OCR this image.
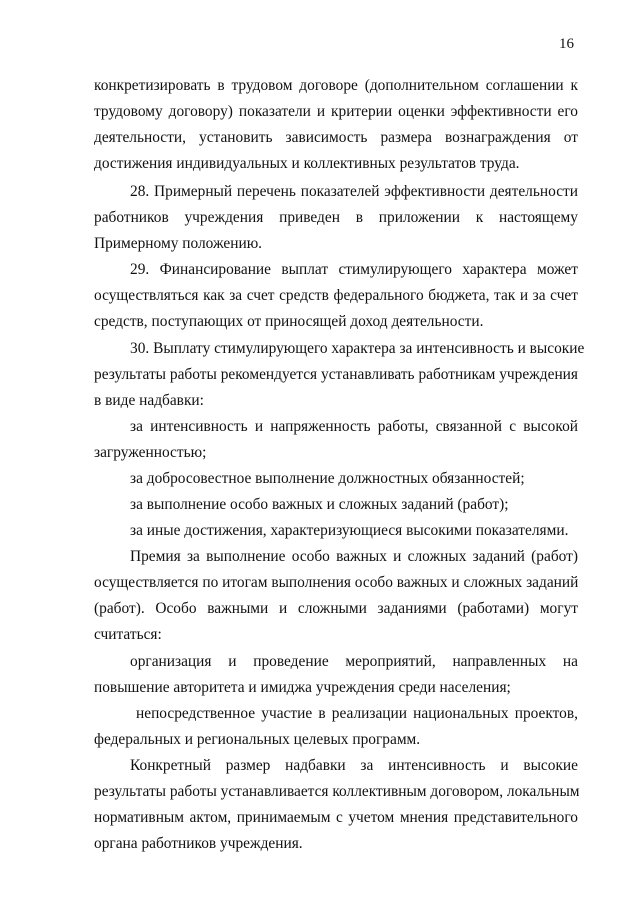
16

конкретизировать в трудовом договоре (дополнительном соглашении к

трудовому договору) показатели и критерии оценки эффективности его

деятельности, установить зависимость размера вознаграждения от

достижения индивидуальных и коллективных результатов труда.

28. Примерный перечень показателей эффективности деятельности

работников учреждения приведен в приложении к настоящему

Примерному положению.

29. Финансирование выплат стимулирующего характера может

осуществляться как за счет средств федерального бюджета, так и за счет

средств, поступающих от приносящей доход деятельности.

30. Выплату стимулирующего характера за интенсивность и высокие

результаты работы рекомендуется устанавливать работникам учреждения

в виде надбавки:

за интенсивность и напряженность работы, связанной с высокой

загруженностью;

за добросовестное выполнение должностных обязанностей;

за выполнение особо важных и сложных заданий (работ);

за иные достижения, характеризующиеся высокими показателями.

Премия за выполнение особо важных и сложных заданий (работ)

осуществляется по итогам выполнения особо важных и сложных заданий

(работ). Особо важными и сложными заданиями (работами) могут

считаться:

организация и проведение мероприятий, направленных на

повышение авторитета и имиджа учреждения среди населения;

непосредственное участие в реализации национальных проектов,

федеральных и региональных целевых программ.

Конкретный размер надбавки за интенсивность и высокие

результаты работы устанавливается коллективным договором, локальным

нормативным актом, принимаемым с учетом мнения представительного

органа работников учреждения.
